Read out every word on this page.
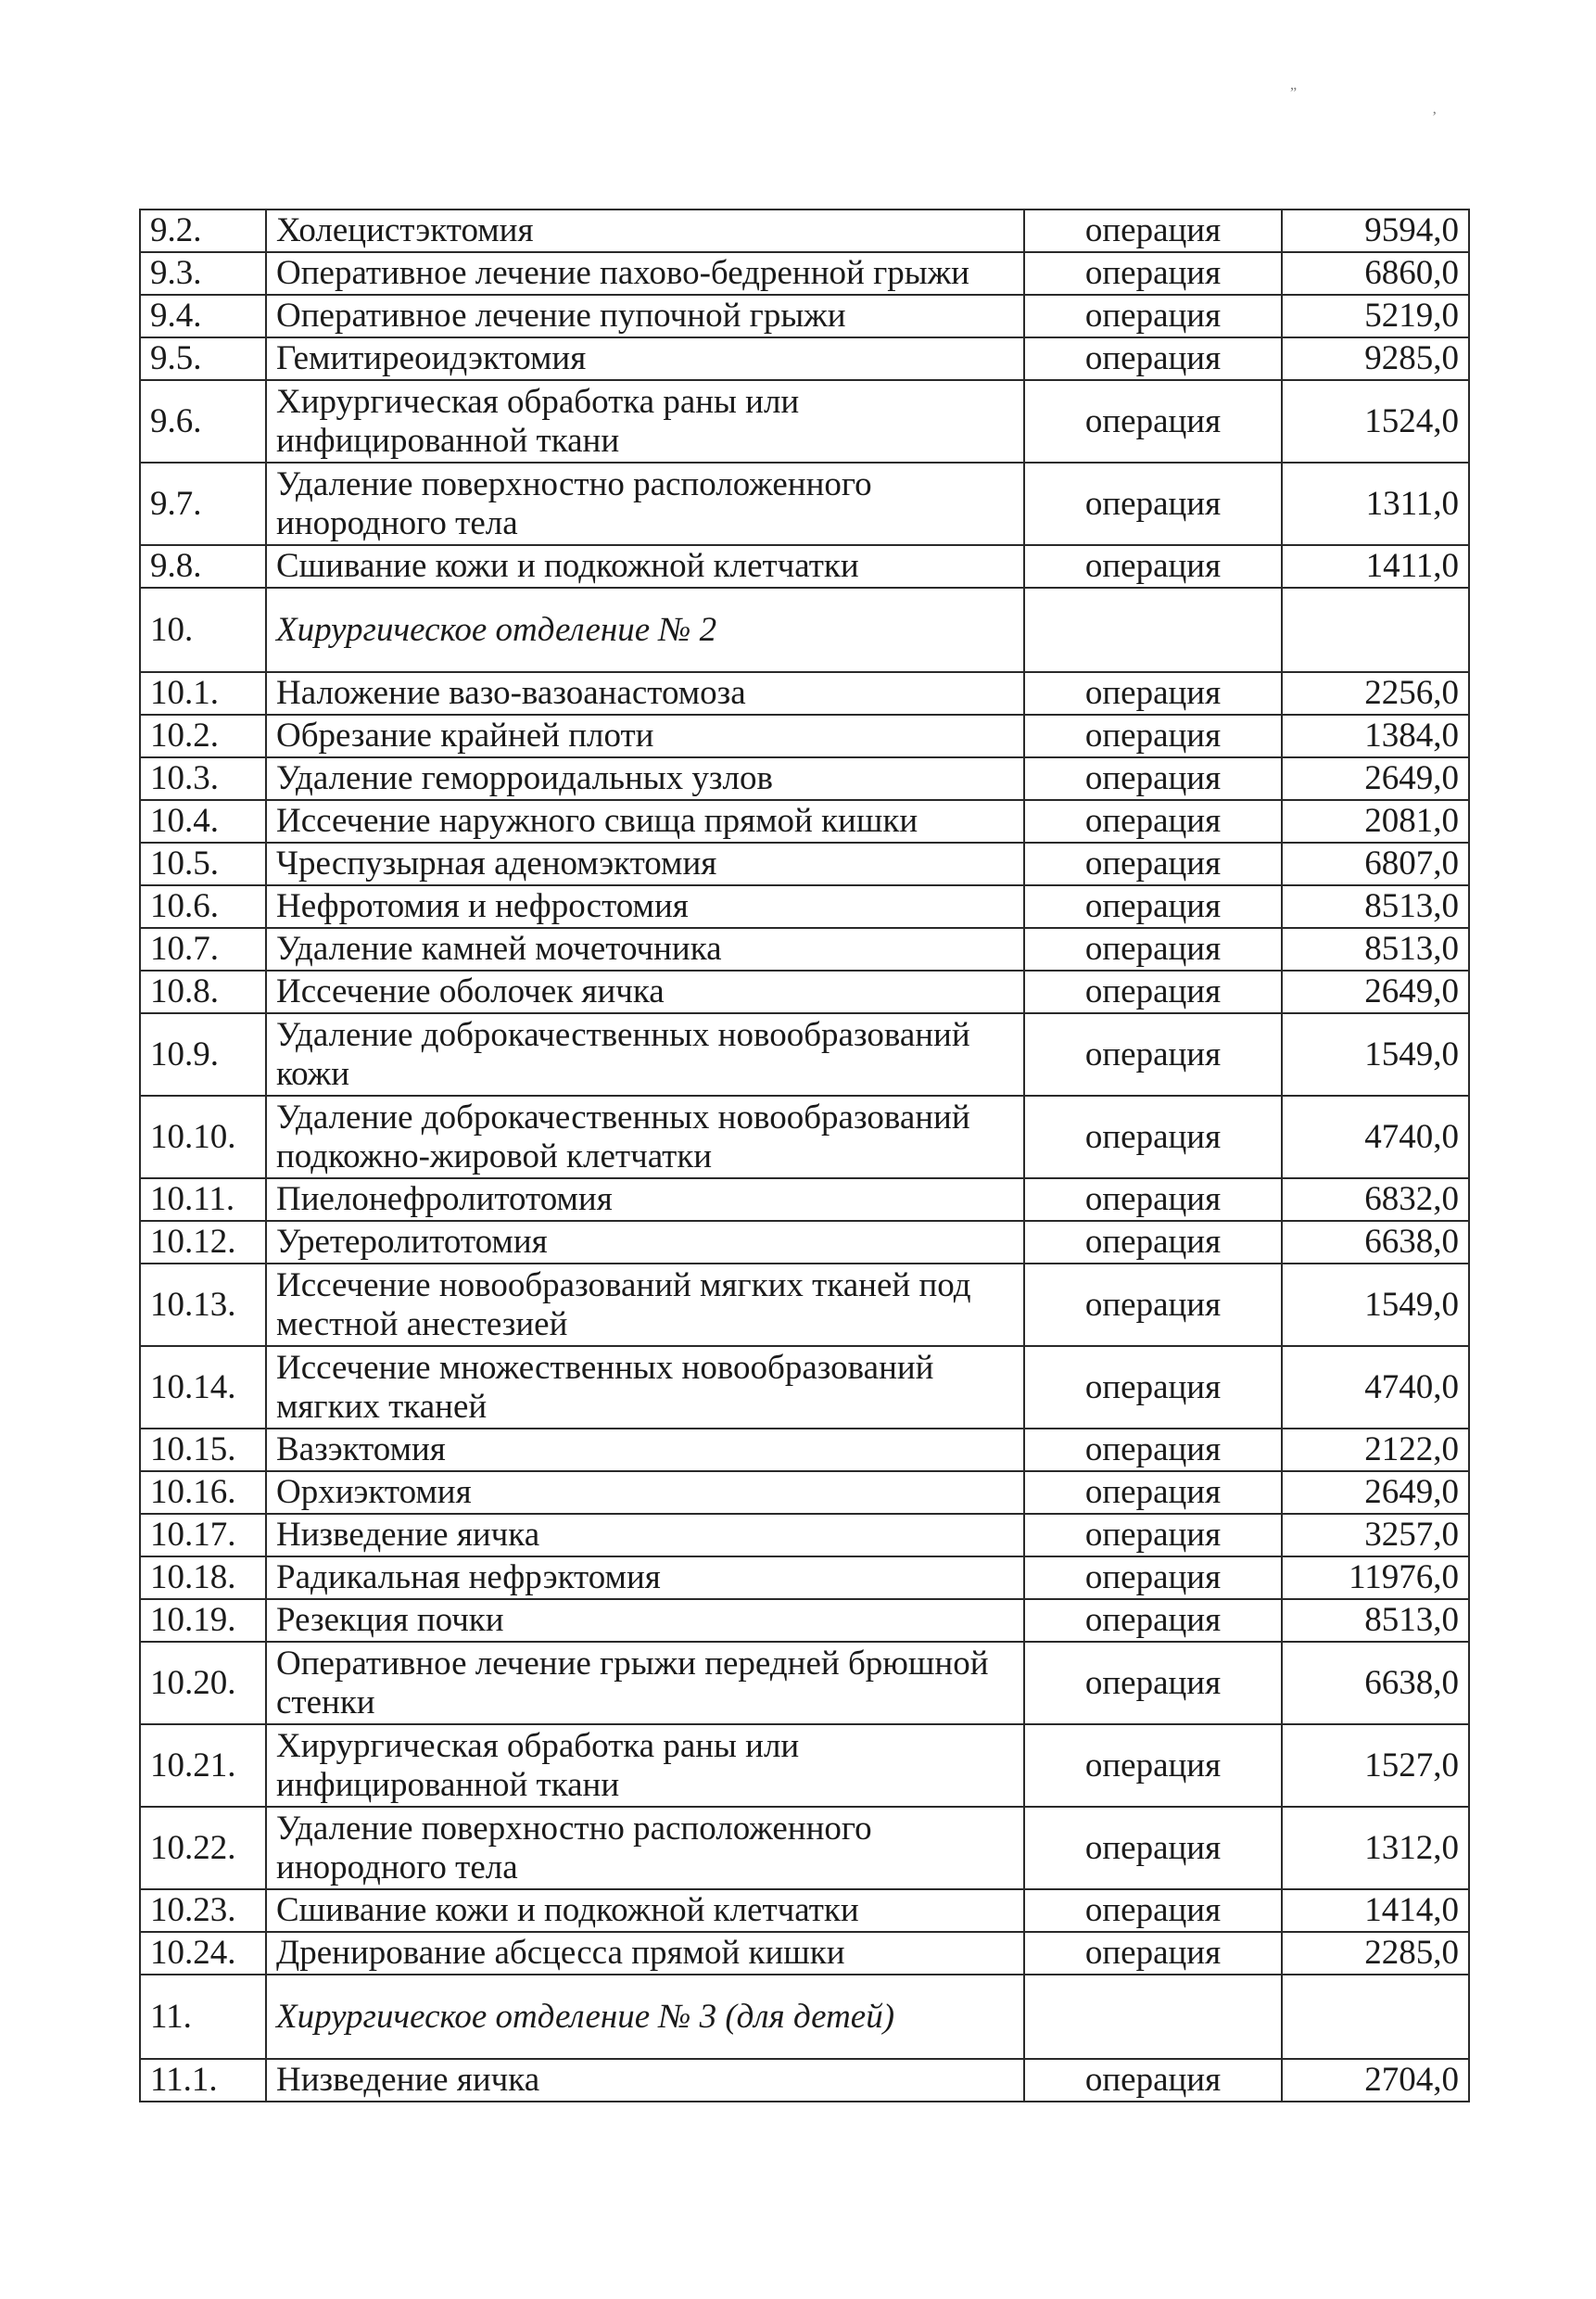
”
’
9.2.	Холецистэктомия	операция	9594,0
9.3.	Оперативное лечение пахово-бедренной грыжи	операция	6860,0
9.4.	Оперативное лечение пупочной грыжи	операция	5219,0
9.5.	Гемитиреоидэктомия	операция	9285,0
9.6.	Хирургическая обработка раны или инфицированной ткани	операция	1524,0
9.7.	Удаление поверхностно расположенного инородного тела	операция	1311,0
9.8.	Сшивание кожи и подкожной клетчатки	операция	1411,0
10.	Хирургическое отделение № 2		
10.1.	Наложение вазо-вазоанастомоза	операция	2256,0
10.2.	Обрезание крайней плоти	операция	1384,0
10.3.	Удаление геморроидальных узлов	операция	2649,0
10.4.	Иссечение наружного свища прямой кишки	операция	2081,0
10.5.	Чреспузырная аденомэктомия	операция	6807,0
10.6.	Нефротомия и нефростомия	операция	8513,0
10.7.	Удаление камней мочеточника	операция	8513,0
10.8.	Иссечение оболочек яичка	операция	2649,0
10.9.	Удаление доброкачественных новообразований кожи	операция	1549,0
10.10.	Удаление доброкачественных новообразований подкожно-жировой клетчатки	операция	4740,0
10.11.	Пиелонефролитотомия	операция	6832,0
10.12.	Уретеролитотомия	операция	6638,0
10.13.	Иссечение новообразований мягких тканей под местной анестезией	операция	1549,0
10.14.	Иссечение множественных новообразований мягких тканей	операция	4740,0
10.15.	Вазэктомия	операция	2122,0
10.16.	Орхиэктомия	операция	2649,0
10.17.	Низведение яичка	операция	3257,0
10.18.	Радикальная нефрэктомия	операция	11976,0
10.19.	Резекция почки	операция	8513,0
10.20.	Оперативное лечение грыжи передней брюшной стенки	операция	6638,0
10.21.	Хирургическая обработка раны или инфицированной ткани	операция	1527,0
10.22.	Удаление поверхностно расположенного инородного тела	операция	1312,0
10.23.	Сшивание кожи и подкожной клетчатки	операция	1414,0
10.24.	Дренирование абсцесса прямой кишки	операция	2285,0
11.	Хирургическое отделение № 3 (для детей)		
11.1.	Низведение яичка	операция	2704,0
